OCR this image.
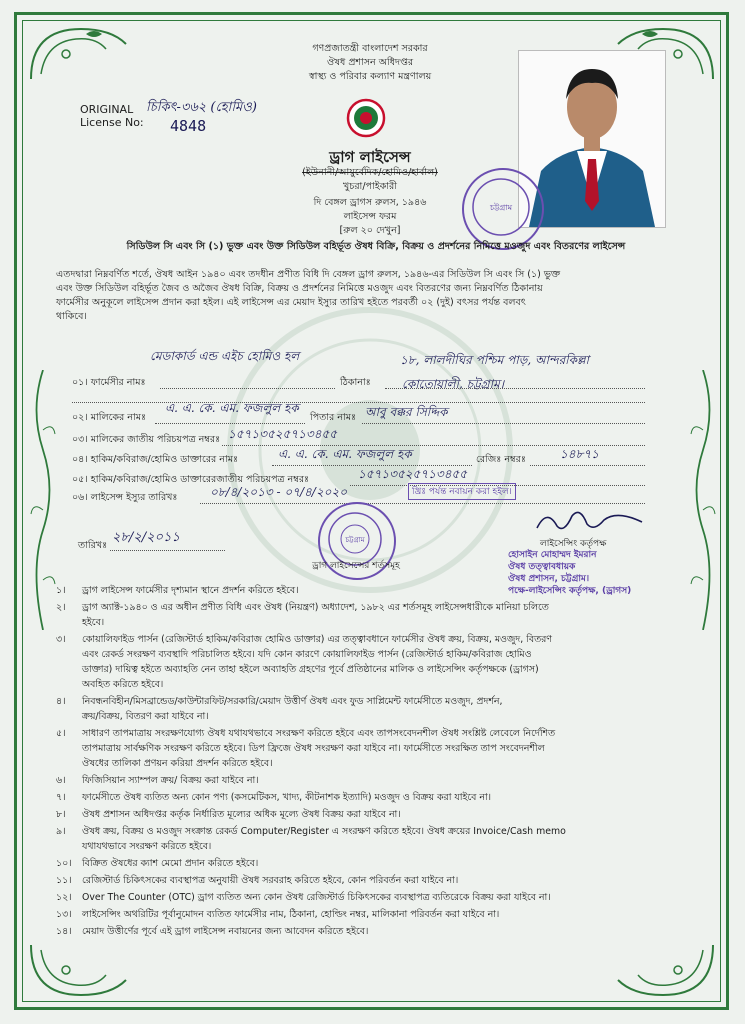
গণপ্রজাতন্ত্রী বাংলাদেশ সরকার
ঔষধ প্রশাসন অধিদপ্তর
স্বাস্থ্য ও পরিবার কল্যাণ মন্ত্রণালয়
ORIGINAL
License No:
চিকিৎ-৩৬২ (হোমিও)
4848
চট্টগ্রাম
ড্রাগ লাইসেন্স
(ইউনানী/আয়ুর্বেদিক/হোমিও/হার্বাল)
খুচরা/পাইকারী
দি বেঙ্গল ড্রাগস রুলস, ১৯৪৬
লাইসেন্স ফরম
[রুল ২০ দেখুন]
সিডিউল সি এবং সি (১) ভুক্ত এবং উক্ত সিডিউল বহির্ভূত ঔষধ বিক্রি, বিক্রয় ও প্রদর্শনের নিমিত্তে মওজুদ এবং বিতরণের লাইসেন্স
এতদদ্বারা নিম্নবর্ণিত শর্তে, ঔষধ আইন ১৯৪০ এবং তদধীন প্রণীত বিধি দি বেঙ্গল ড্রাগ রুলস, ১৯৪৬-এর সিডিউল সি এবং সি (১) ভুক্ত
এবং উক্ত সিডিউল বহির্ভূত জৈব ও অজৈব ঔষধ বিক্রি, বিক্রয় ও প্রদর্শনের নিমিত্তে মওজুদ এবং বিতরণের জন্য নিম্নবর্ণিত ঠিকানায়
ফার্মেসীর অনুকূলে লাইসেন্স প্রদান করা হইল। এই লাইসেন্স এর মেয়াদ ইস্যুর তারিখ হইতে পরবর্তী ০২ (দুই) বৎসর পর্যন্ত বলবৎ
থাকিবে।
০১। ফার্মেসীর নামঃ
মেডাকার্ড এন্ড এইচ হোমিও হল
ঠিকানাঃ
১৮, লালদীঘির পশ্চিম পাড়, আন্দরকিল্লা
কোতোয়ালী, চট্টগ্রাম।
০২। মালিকের নামঃ
এ. এ. কে. এম. ফজলুল হক
পিতার নামঃ আবু বক্কর সিদ্দিক
০৩। মালিকের জাতীয় পরিচয়পত্র নম্বরঃ ১৫৭১৩৫২৫৭১৩৪৫৫
০৪। হাকিম/কবিরাজ/হোমিও ডাক্তারের নামঃ	এ. এ. কে. এম. ফজলুল হক	রেজিঃ নম্বরঃ	১৪৮৭১
০৫। হাকিম/কবিরাজ/হোমিও ডাক্তারেরজাতীয় পরিচয়পত্র নম্বরঃ	১৫৭১৩৫২৫৭১৩৪৫৫
০৬। লাইসেন্স ইস্যুর তারিখঃ	০৮/৪/২০১৩ - ০৭/৪/২০২০	খ্রিঃ পর্যন্ত নবায়ন করা হইল।
তারিখঃ
২৮/২/২০১১	চট্টগ্রাম
ড্রাগ লাইসেন্সের শর্তসমূহ
লাইসেন্সিং কর্তৃপক্ষ
হোসাইন মোহাম্মদ ইমরান
ঔষধ তত্ত্বাবধায়ক
ঔষধ প্রশাসন, চট্টগ্রাম।
পক্ষে-লাইসেন্সিং কর্তৃপক্ষ, (ড্রাগস)
১। ড্রাগ লাইসেন্স ফার্মেসীর দৃশ্যমান স্থানে প্রদর্শন করিতে হইবে।
২। ড্রাগ অ্যাক্ট-১৯৪০ ও এর অধীন প্রণীত বিধি এবং ঔষধ (নিয়ন্ত্রণ) অধ্যাদেশ, ১৯৮২ এর শর্তসমূহ লাইসেন্সধারীকে মানিয়া চলিতে
হইবে।
৩। কোয়ালিফাইড পার্সন (রেজিস্টার্ড হাকিম/কবিরাজ হোমিও ডাক্তার) এর তত্ত্বাবধানে ফার্মেসীর ঔষধ ক্রয়, বিক্রয়, মওজুদ, বিতরণ
এবং রেকর্ড সংরক্ষণ ব্যবস্থাদি পরিচালিত হইবে। যদি কোন কারণে কোয়ালিফাইড পার্সন (রেজিস্টার্ড হাকিম/কবিরাজ হোমিও
ডাক্তার) দায়িত্ব হইতে অব্যাহতি নেন তাহা হইলে অব্যাহতি গ্রহণের পূর্বে প্রতিষ্ঠানের মালিক ও লাইসেন্সিং কর্তৃপক্ষকে (ড্রাগস)
অবহিত করিতে হইবে।
৪। নিবন্ধনবিহীন/মিসব্রান্ডেড/কাউন্টারফিট/সরকারি/মেয়াদ উত্তীর্ণ ঔষধ এবং ফুড সাপ্লিমেন্ট ফার্মেসীতে মওজুদ, প্রদর্শন,
ক্রয়/বিক্রয়, বিতরণ করা যাইবে না।
৫। সাধারণ তাপমাত্রায় সংরক্ষণযোগ্য ঔষধ যথাযথভাবে সংরক্ষণ করিতে হইবে এবং তাপসংবেদনশীল ঔষধ সংশ্লিষ্ট লেবেলে নির্দেশিত
তাপমাত্রায় সার্বক্ষণিক সংরক্ষণ করিতে হইবে। ডিপ ফ্রিজে ঔষধ সংরক্ষণ করা যাইবে না। ফার্মেসীতে সংরক্ষিত তাপ সংবেদনশীল
ঔষধের তালিকা প্রণয়ন করিয়া প্রদর্শন করিতে হইবে।
৬। ফিজিসিয়ান স্যাম্পল ক্রয়/ বিক্রয় করা যাইবে না।
৭। ফার্মেসীতে ঔষধ ব্যতিত অন্য কোন পণ্য (কসমেটিকস, খাদ্য, কীটনাশক ইত্যাদি) মওজুদ ও বিক্রয় করা যাইবে না।
৮। ঔষধ প্রশাসন অধিদপ্তর কর্তৃক নির্ধারিত মূল্যের অধিক মূল্যে ঔষধ বিক্রয় করা যাইবে না।
৯। ঔষধ ক্রয়, বিক্রয় ও মওজুদ সংক্রান্ত রেকর্ড Computer/Register এ সংরক্ষণ করিতে হইবে। ঔষধ ক্রয়ের Invoice/Cash memo
যথাযথভাবে সংরক্ষণ করিতে হইবে।
১০। বিক্রিত ঔষধের ক্যাশ মেমো প্রদান করিতে হইবে।
১১। রেজিস্টার্ড চিকিৎসকের ব্যবস্থাপত্র অনুযায়ী ঔষধ সরবরাহ করিতে হইবে, কোন পরিবর্তন করা যাইবে না।
১২। Over The Counter (OTC) ড্রাগ ব্যতিত অন্য কোন ঔষধ রেজিস্টার্ড চিকিৎসকের ব্যবস্থাপত্র ব্যতিরেকে বিক্রয় করা যাইবে না।
১৩। লাইসেন্সিং অথরিটির পূর্বানুমোদন ব্যতিত ফার্মেসীর নাম, ঠিকানা, হোল্ডিং নম্বর, মালিকানা পরিবর্তন করা যাইবে না।
১৪। মেয়াদ উত্তীর্ণের পূর্বে এই ড্রাগ লাইসেন্স নবায়নের জন্য আবেদন করিতে হইবে।
